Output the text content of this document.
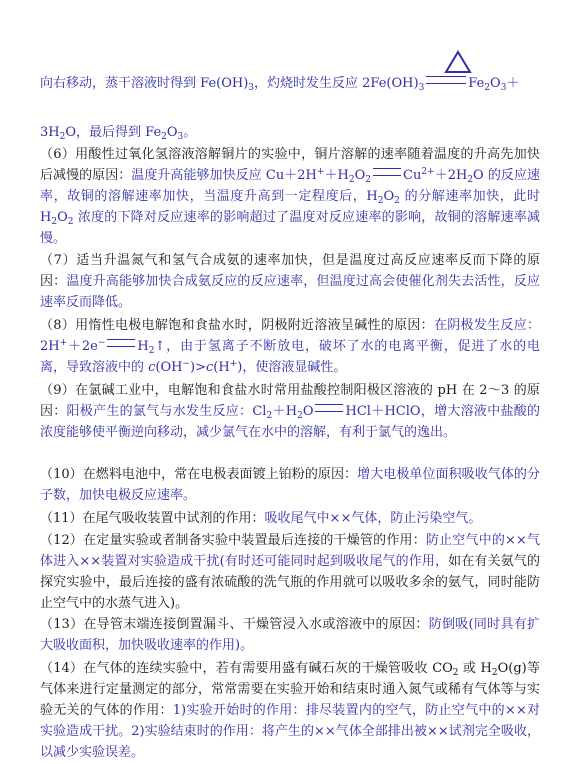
向右移动，蒸干溶液时得到 $Fe(OH)_3$，灼烧时发生反应 $2Fe(OH)_3$	$Fe_2O_3+$
$3H_2O$，最后得到 $Fe_2O_3$。
（6）用酸性过氧化氢溶液溶解铜片的实验中，铜片溶解的速率随着温度的升高先加快后减慢的原因：温度升高能够加快反应 $Cu+2H^++H_2O_2$ $Cu^{2+}+2H_2O$ 的反应速率，故铜的溶解速率加快，当温度升高到一定程度后，$H_2O_2$ 的分解速率加快，此时 $H_2O_2$ 浓度的下降对反应速率的影响超过了温度对反应速率的影响，故铜的溶解速率减慢。
（7）适当升温氮气和氢气合成氨的速率加快，但是温度过高反应速率反而下降的原因：温度升高能够加快合成氨反应的反应速率，但温度过高会使催化剂失去活性，反应速率反而降低。
（8）用惰性电极电解饱和食盐水时，阴极附近溶液呈碱性的原因：在阴极发生反应：2H+＋2e− $H_2↑$，由于氢离子不断放电，破坏了水的电离平衡，促进了水的电离，导致溶液中的 c(OH−)>c(H+)，使溶液显碱性。
（9）在氯碱工业中，电解饱和食盐水时常用盐酸控制阳极区溶液的 pH 在 2～3 的原因：阳极产生的氯气与水发生反应：$Cl_2+H_2O$ HCl＋HClO，增大溶液中盐酸的浓度能够使平衡逆向移动，减少氯气在水中的溶解，有利于氯气的逸出。
（10）在燃料电池中，常在电极表面镀上铂粉的原因：增大电极单位面积吸收气体的分子数，加快电极反应速率。
（11）在尾气吸收装置中试剂的作用：吸收尾气中××气体，防止污染空气。
（12）在定量实验或者制备实验中装置最后连接的干燥管的作用：防止空气中的××气体进入××装置对实验造成干扰(有时还可能同时起到吸收尾气的作用，如在有关氨气的探究实验中，最后连接的盛有浓硫酸的洗气瓶的作用就可以吸收多余的氨气，同时能防止空气中的水蒸气进入)。
（13）在导管末端连接倒置漏斗、干燥管浸入水或溶液中的原因：防倒吸(同时具有扩大吸收面积，加快吸收速率的作用)。
（14）在气体的连续实验中，若有需要用盛有碱石灰的干燥管吸收 $CO_2$ 或 $H_2O(g)$等气体来进行定量测定的部分，常常需要在实验开始和结束时通入氮气或稀有气体等与实验无关的气体的作用：1)实验开始时的作用：排尽装置内的空气，防止空气中的××对实验造成干扰。2)实验结束时的作用：将产生的××气体全部排出被××试剂完全吸收，以减少实验误差。
